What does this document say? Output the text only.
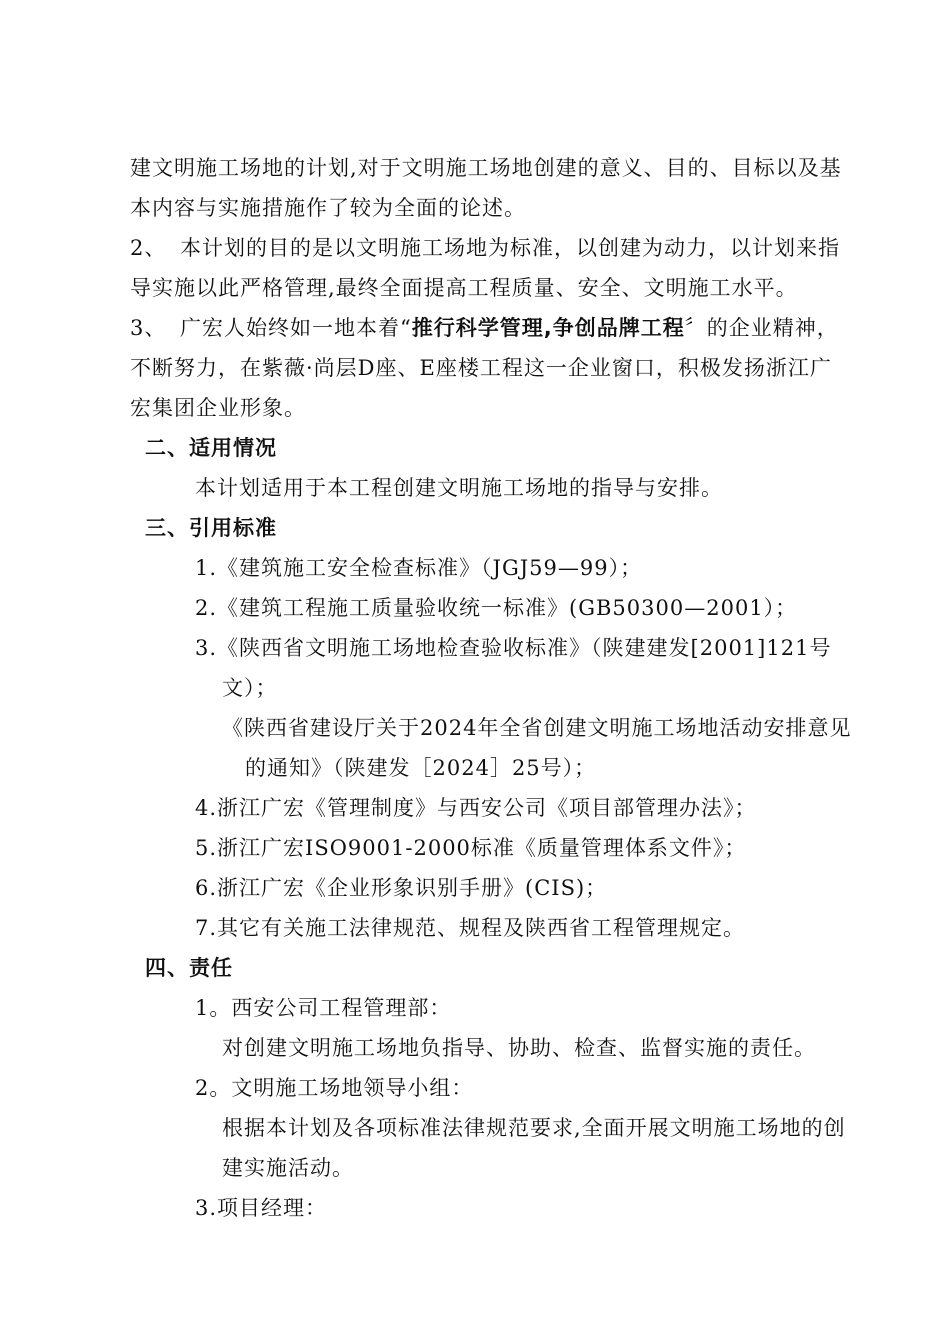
建文明施工场地的计划,对于文明施工场地创建的意义、目的、目标以及基
本内容与实施措施作了较为全面的论述。
2、 本计划的目的是以文明施工场地为标准，以创建为动力，以计划来指
导实施以此严格管理,最终全面提高工程质量、安全、文明施工水平。
3、 广宏人始终如一地本着“推行科学管理,争创品牌工程〞的企业精神，
不断努力，在紫薇·尚层D座、E座楼工程这一企业窗口，积极发扬浙江广
宏集团企业形象。
二、适用情况
本计划适用于本工程创建文明施工场地的指导与安排。
三、引用标准
1.《建筑施工安全检查标准》（JGJ59—99）；
2.《建筑工程施工质量验收统一标准》(GB50300—2001）；
3.《陕西省文明施工场地检查验收标准》（陕建建发[2001]121号
文）；
《陕西省建设厅关于2024年全省创建文明施工场地活动安排意见
的通知》（陕建发［2024］25号）；
4.浙江广宏《管理制度》与西安公司《项目部管理办法》；
5.浙江广宏ISO9001-2000标准《质量管理体系文件》；
6.浙江广宏《企业形象识别手册》(CIS)；
7.其它有关施工法律规范、规程及陕西省工程管理规定。
四、责任
1。西安公司工程管理部：
对创建文明施工场地负指导、协助、检查、监督实施的责任。
2。文明施工场地领导小组：
根据本计划及各项标准法律规范要求,全面开展文明施工场地的创
建实施活动。
3.项目经理：
